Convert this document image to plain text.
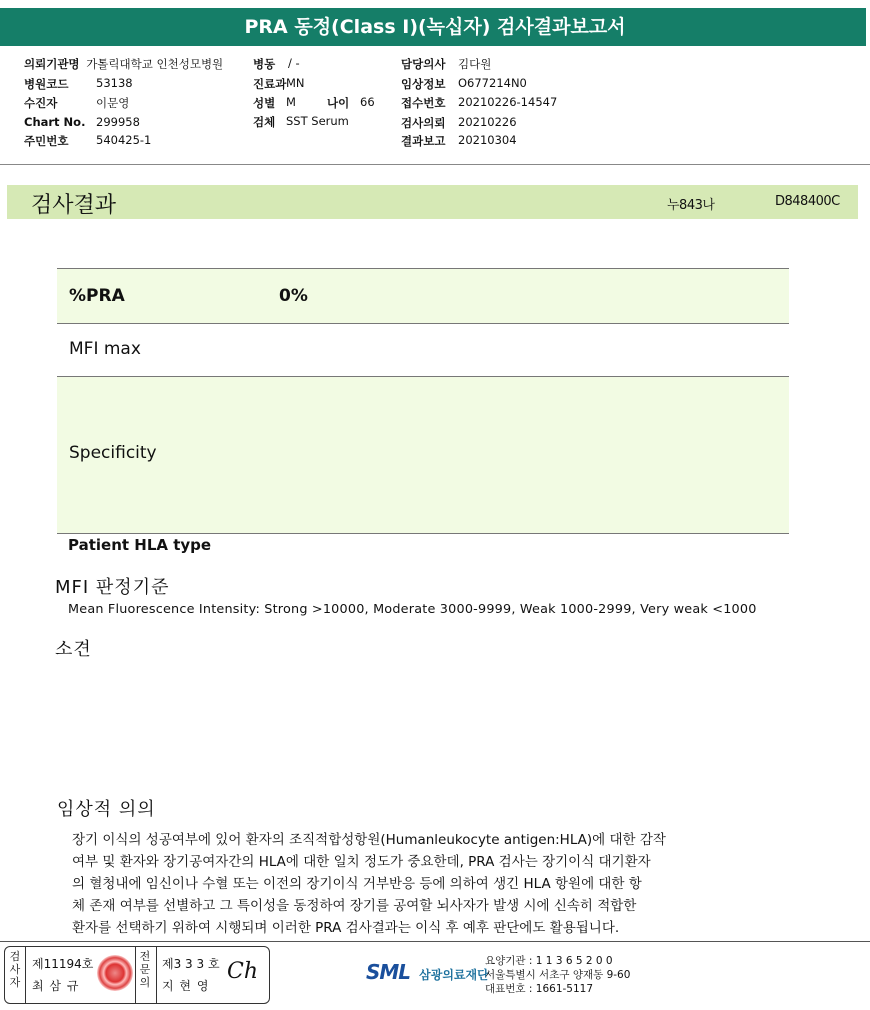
PRA 동정(Class I)(녹십자) 검사결과보고서
의뢰기관명 가톨릭대학교 인천성모병원
병원코드 53138
수진자	이문영
Chart No. 299958
주민번호 540425-1
병동 / -
진료과 MN
성별 M	나이 66
검체 SST Serum
담당의사 김다원
임상정보 O677214N0
접수번호 20210226-14547
검사의뢰 20210226
결과보고 20210304
검사결과	누843나	D848400C
%PRA	0%
MFI max
Specificity
Patient HLA type
MFI 판정기준
Mean Fluorescence Intensity: Strong >10000, Moderate 3000-9999, Weak 1000-2999, Very weak <1000
소견
임상적 의의
장기 이식의 성공여부에 있어 환자의 조직적합성항원(Humanleukocyte antigen:HLA)에 대한 감작
여부 및 환자와 장기공여자간의 HLA에 대한 일치 정도가 중요한데, PRA 검사는 장기이식 대기환자
의 혈청내에 임신이나 수혈 또는 이전의 장기이식 거부반응 등에 의하여 생긴 HLA 항원에 대한 항
체 존재 여부를 선별하고 그 특이성을 동정하여 장기를 공여할 뇌사자가 발생 시에 신속히 적합한
환자를 선택하기 위하여 시행되며 이러한 PRA 검사결과는 이식 후 예후 판단에도 활용됩니다.
검사자
제11194호
최 삼 규
전문의
제3 3 3 호
지 현 영
Ch	SML 삼광의료재단
요양기관 : 1 1 3 6 5 2 0 0
서울특별시 서초구 양재동 9-60
대표번호 : 1661-5117
